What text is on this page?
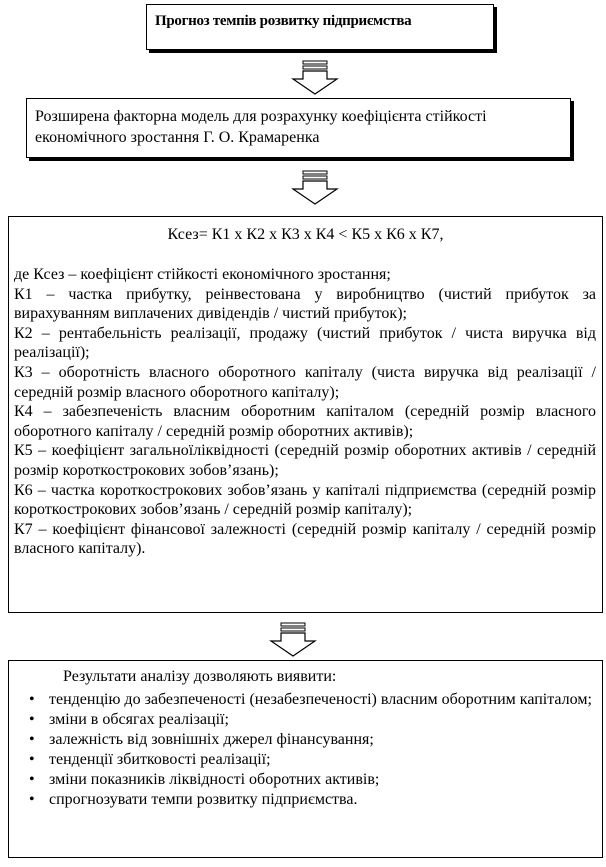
Прогноз темпів розвитку підприємства
Розширена факторна модель для розрахунку коефіцієнта стійкості економічного зростання Г. О. Крамаренка
Ксез= К1 х К2 х К3 х К4 < К5 х К6 х К7,

де Ксез – коефіцієнт стійкості економічного зростання;

К1 – частка прибутку, реінвестована у виробництво (чистий прибуток за вирахуванням виплачених дивідендів / чистий прибуток);

К2 – рентабельність реалізації, продажу (чистий прибуток / чиста виручка від реалізації);

К3 – оборотність власного оборотного капіталу (чиста виручка від реалізації / середній розмір власного оборотного капіталу);

К4 – забезпеченість власним оборотним капіталом (середній розмір власного оборотного капіталу / середній розмір оборотних активів);

К5 – коефіцієнт загальноїліквідності (середній розмір оборотних активів / середній розмір короткострокових зобов’язань);

К6 – частка короткострокових зобов’язань у капіталі підприємства (середній розмір короткострокових зобов’язань / середній розмір капіталу);

К7 – коефіцієнт фінансової залежності (середній розмір капіталу / середній розмір власного капіталу).

Результати аналізу дозволяють виявити:
• тенденцію до забезпеченості (незабезпеченості) власним оборотним капіталом;
• зміни в обсягах реалізації;
• залежність від зовнішніх джерел фінансування;
• тенденції збитковості реалізації;
• зміни показників ліквідності оборотних активів;
• спрогнозувати темпи розвитку підприємства.
